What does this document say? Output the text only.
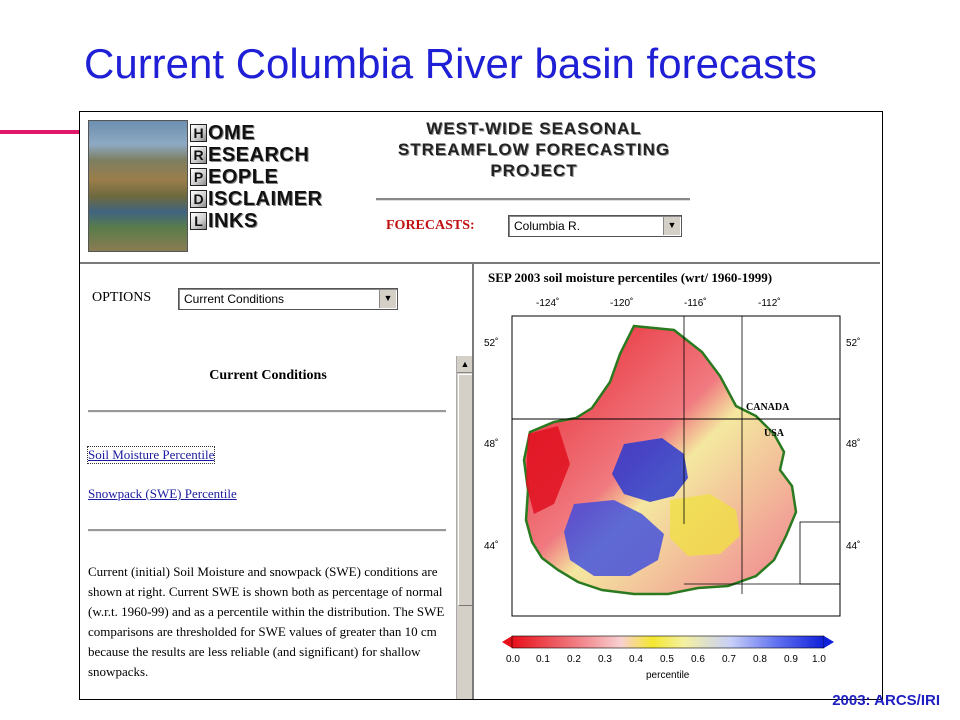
Current Columbia River basin forecasts
H OME
R ESEARCH
P EOPLE
D ISCLAIMER
L INKS
WEST-WIDE SEASONAL
STREAMFLOW FORECASTING
PROJECT
FORECASTS:	Columbia R.	▼
OPTIONS	Current Conditions	▼
Current Conditions
Soil Moisture Percentile
Snowpack (SWE) Percentile
Current (initial) Soil Moisture and snowpack (SWE) conditions are shown at right. Current SWE is shown both as percentage of normal (w.r.t. 1960-99) and as a percentile within the distribution. The SWE comparisons are thresholded for SWE values of greater than 10 cm because the results are less reliable (and significant) for shallow snowpacks.
▲
SEP 2003 soil moisture percentiles (wrt/ 1960-1999)
-124˚	-120˚	-116˚	-112˚
52˚
48˚
44˚
52˚
48˚
44˚
CANADA
USA
0.0 0.1 0.2 0.3 0.4 0.5 0.6 0.7 0.8 0.9 1.0
percentile
2003: ARCS/IRI
